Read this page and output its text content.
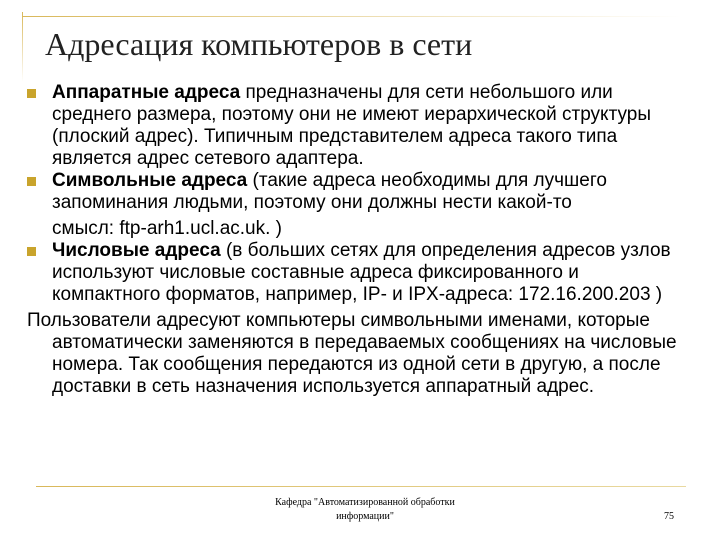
Адресация компьютеров в сети

Аппаратные адреса предназначены для сети небольшого или среднего размера, поэтому они не имеют иерархической структуры (плоский адрес). Типичным представителем адреса такого типа является адрес сетевого адаптера.

Символьные адреса (такие адреса необходимы для лучшего запоминания людьми, поэтому они должны нести какой-то
смысл: ftp-arh1.ucl.ac.uk. )

Числовые адреса (в больших сетях для определения адресов узлов используют числовые составные адреса фиксированного и компактного форматов, например, IP- и IPX-адреса: 172.16.200.203 )

Пользователи адресуют компьютеры символьными именами, которые автоматически заменяются в передаваемых сообщениях на числовые номера. Так сообщения передаются из одной сети в другую, а после доставки в сеть назначения используется аппаратный адрес.

Кафедра "Автоматизированной обработки
информации"	75
